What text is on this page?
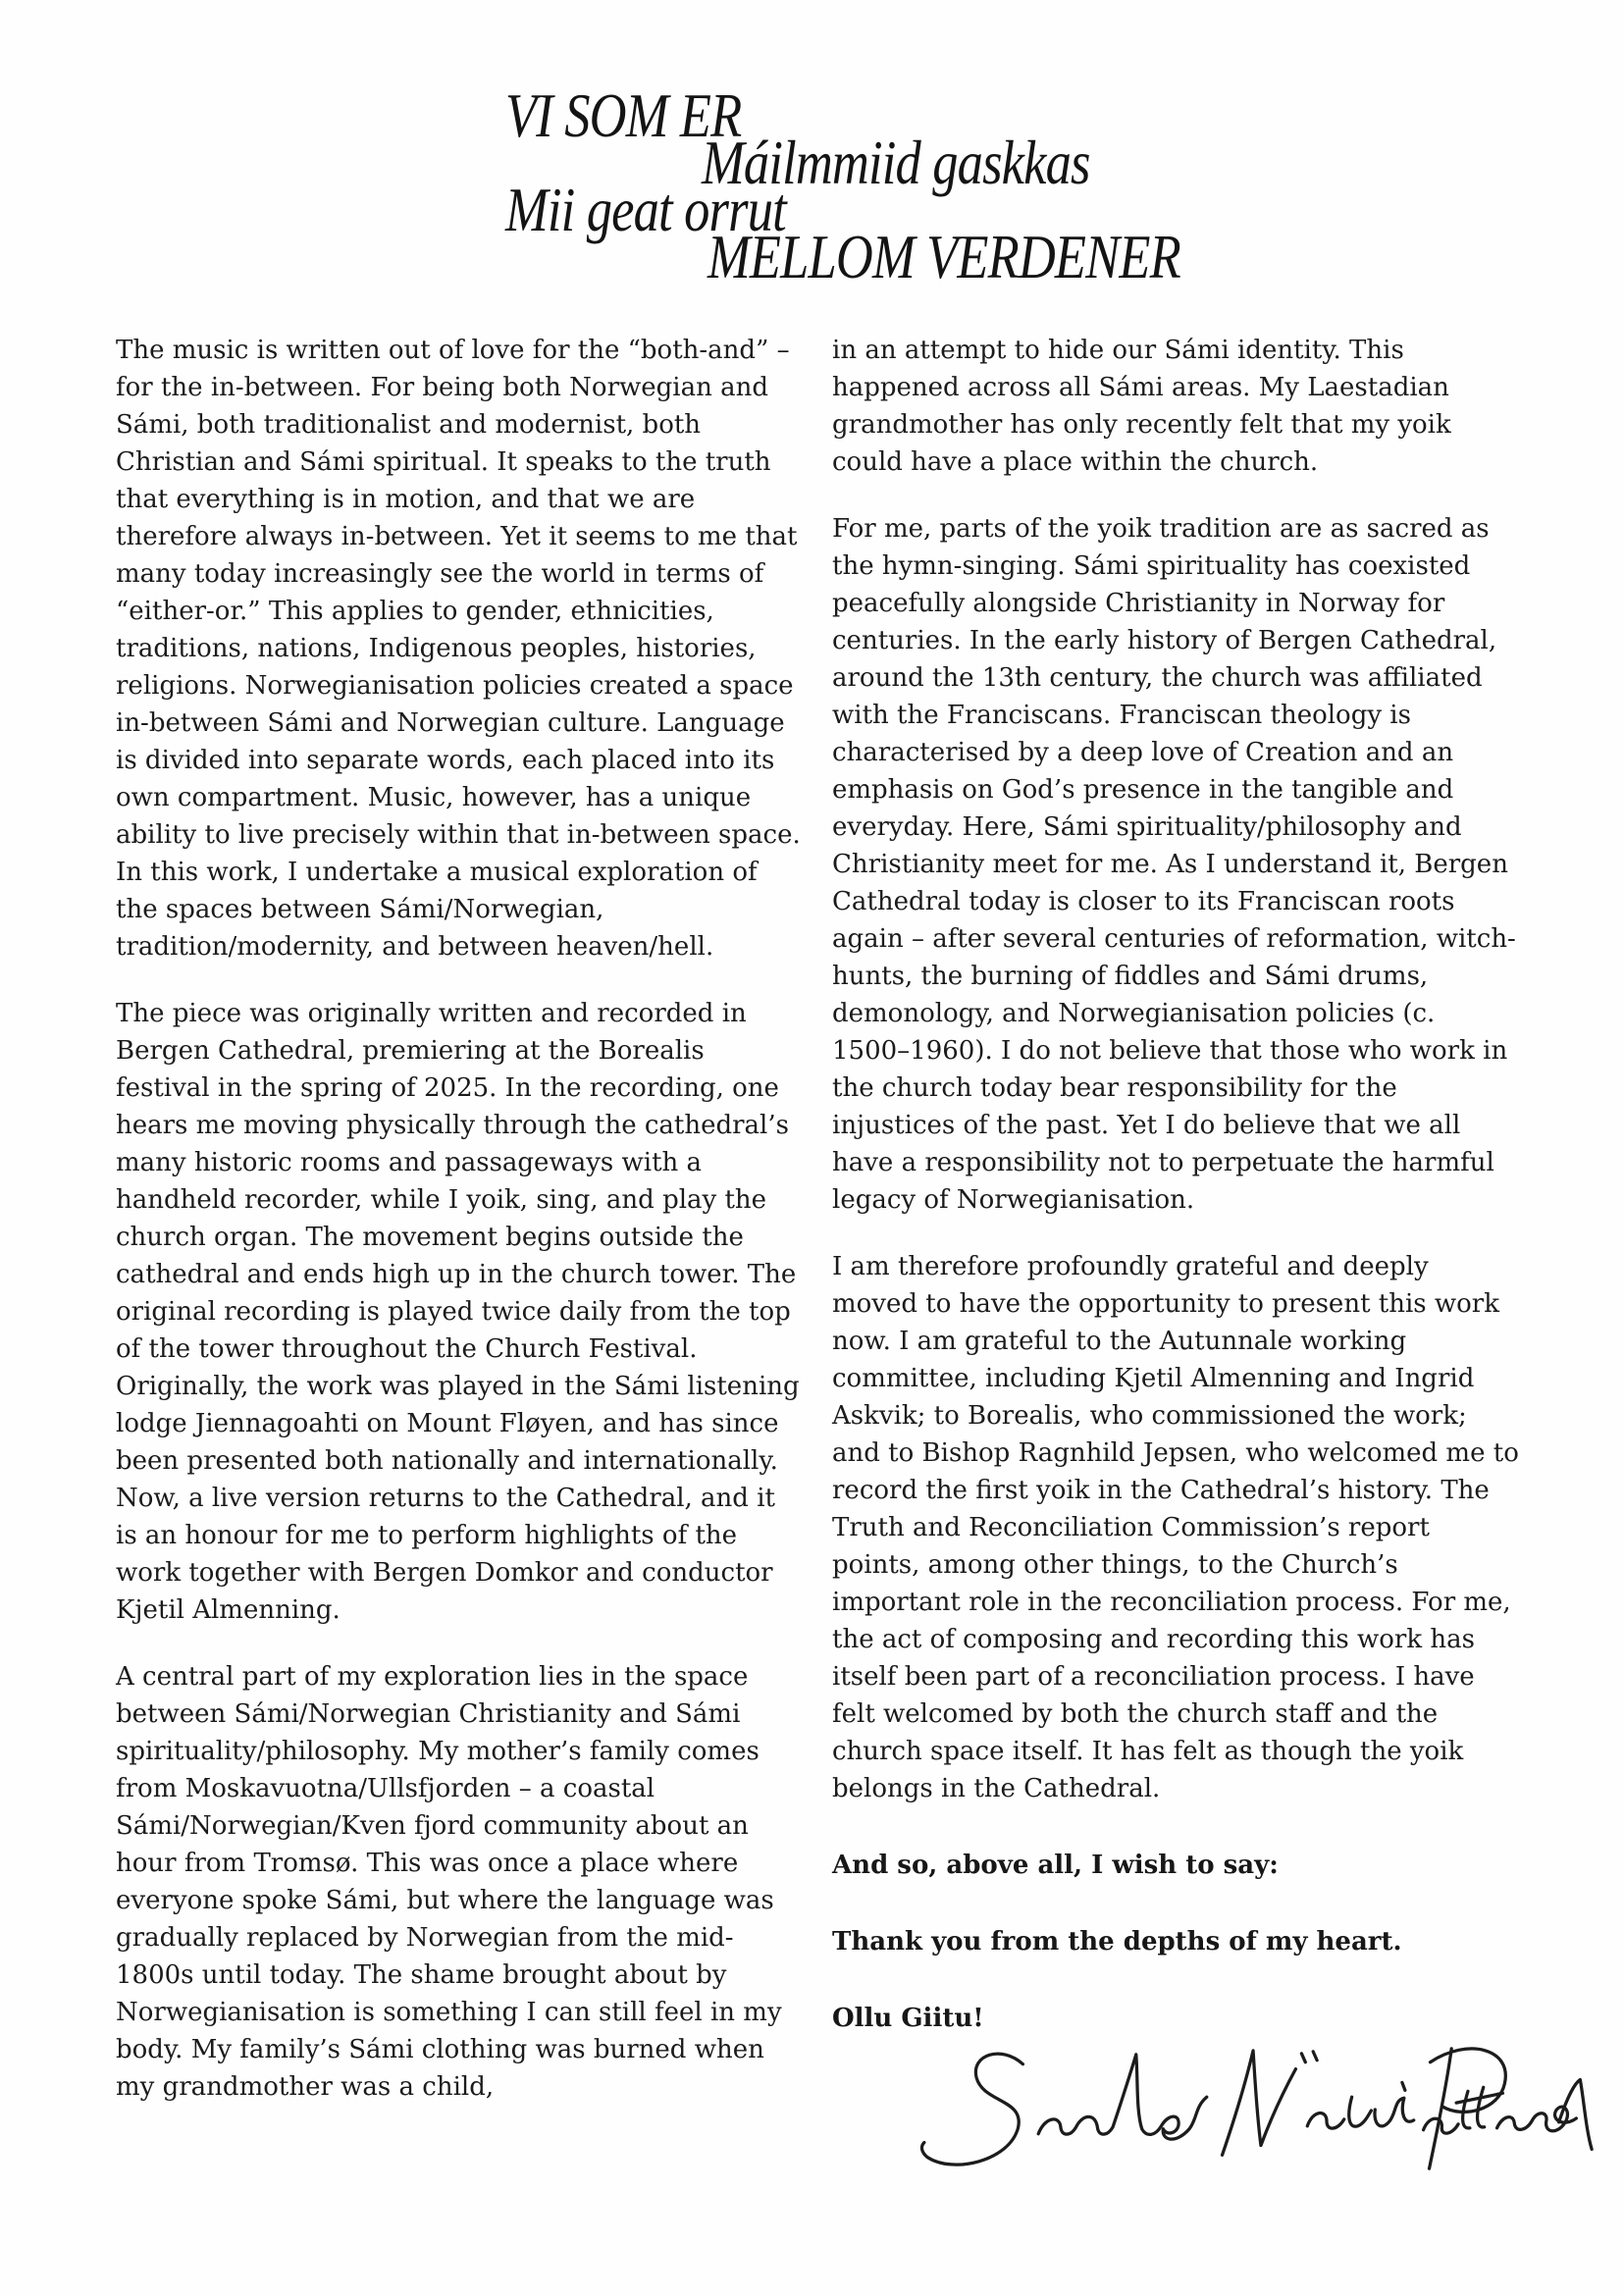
VI SOM ER
Máilmmiid gaskkas
Mii geat orrut
MELLOM VERDENER

The music is written out of love for the “both-and” – for the in-between. For being both Norwegian and Sámi, both traditionalist and modernist, both Christian and Sámi spiritual. It speaks to the truth that everything is in motion, and that we are therefore always in-between. Yet it seems to me that many today increasingly see the world in terms of “either-or.” This applies to gender, ethnicities, traditions, nations, Indigenous peoples, histories, religions. Norwegianisation policies created a space in-between Sámi and Norwegian culture. Language is divided into separate words, each placed into its own compartment. Music, however, has a unique ability to live precisely within that in-between space. In this work, I undertake a musical exploration of the spaces between Sámi/Norwegian, tradition/modernity, and between heaven/hell.

The piece was originally written and recorded in Bergen Cathedral, premiering at the Borealis festival in the spring of 2025. In the recording, one hears me moving physically through the cathedral’s many historic rooms and passageways with a handheld recorder, while I yoik, sing, and play the church organ. The movement begins outside the cathedral and ends high up in the church tower. The original recording is played twice daily from the top of the tower throughout the Church Festival. Originally, the work was played in the Sámi listening lodge Jiennagoahti on Mount Fløyen, and has since been presented both nationally and internationally. Now, a live version returns to the Cathedral, and it is an honour for me to perform highlights of the work together with Bergen Domkor and conductor Kjetil Almenning.

A central part of my exploration lies in the space between Sámi/Norwegian Christianity and Sámi spirituality/philosophy. My mother’s family comes from Moskavuotna/Ullsfjorden – a coastal Sámi/Norwegian/Kven fjord community about an hour from Tromsø. This was once a place where everyone spoke Sámi, but where the language was gradually replaced by Norwegian from the mid-1800s until today. The shame brought about by Norwegianisation is something I can still feel in my body. My family’s Sámi clothing was burned when my grandmother was a child,

in an attempt to hide our Sámi identity. This happened across all Sámi areas. My Laestadian grandmother has only recently felt that my yoik could have a place within the church.

For me, parts of the yoik tradition are as sacred as the hymn-singing. Sámi spirituality has coexisted peacefully alongside Christianity in Norway for centuries. In the early history of Bergen Cathedral, around the 13th century, the church was affiliated with the Franciscans. Franciscan theology is characterised by a deep love of Creation and an emphasis on God’s presence in the tangible and everyday. Here, Sámi spirituality/philosophy and Christianity meet for me. As I understand it, Bergen Cathedral today is closer to its Franciscan roots again – after several centuries of reformation, witch-hunts, the burning of fiddles and Sámi drums, demonology, and Norwegianisation policies (c. 1500–1960). I do not believe that those who work in the church today bear responsibility for the injustices of the past. Yet I do believe that we all have a responsibility not to perpetuate the harmful legacy of Norwegianisation.

I am therefore profoundly grateful and deeply moved to have the opportunity to present this work now. I am grateful to the Autunnale working committee, including Kjetil Almenning and Ingrid Askvik; to Borealis, who commissioned the work; and to Bishop Ragnhild Jepsen, who welcomed me to record the first yoik in the Cathedral’s history. The Truth and Reconciliation Commission’s report points, among other things, to the Church’s important role in the reconciliation process. For me, the act of composing and recording this work has itself been part of a reconciliation process. I have felt welcomed by both the church staff and the church space itself. It has felt as though the yoik belongs in the Cathedral.

And so, above all, I wish to say:

Thank you from the depths of my heart.

Ollu Giitu!
